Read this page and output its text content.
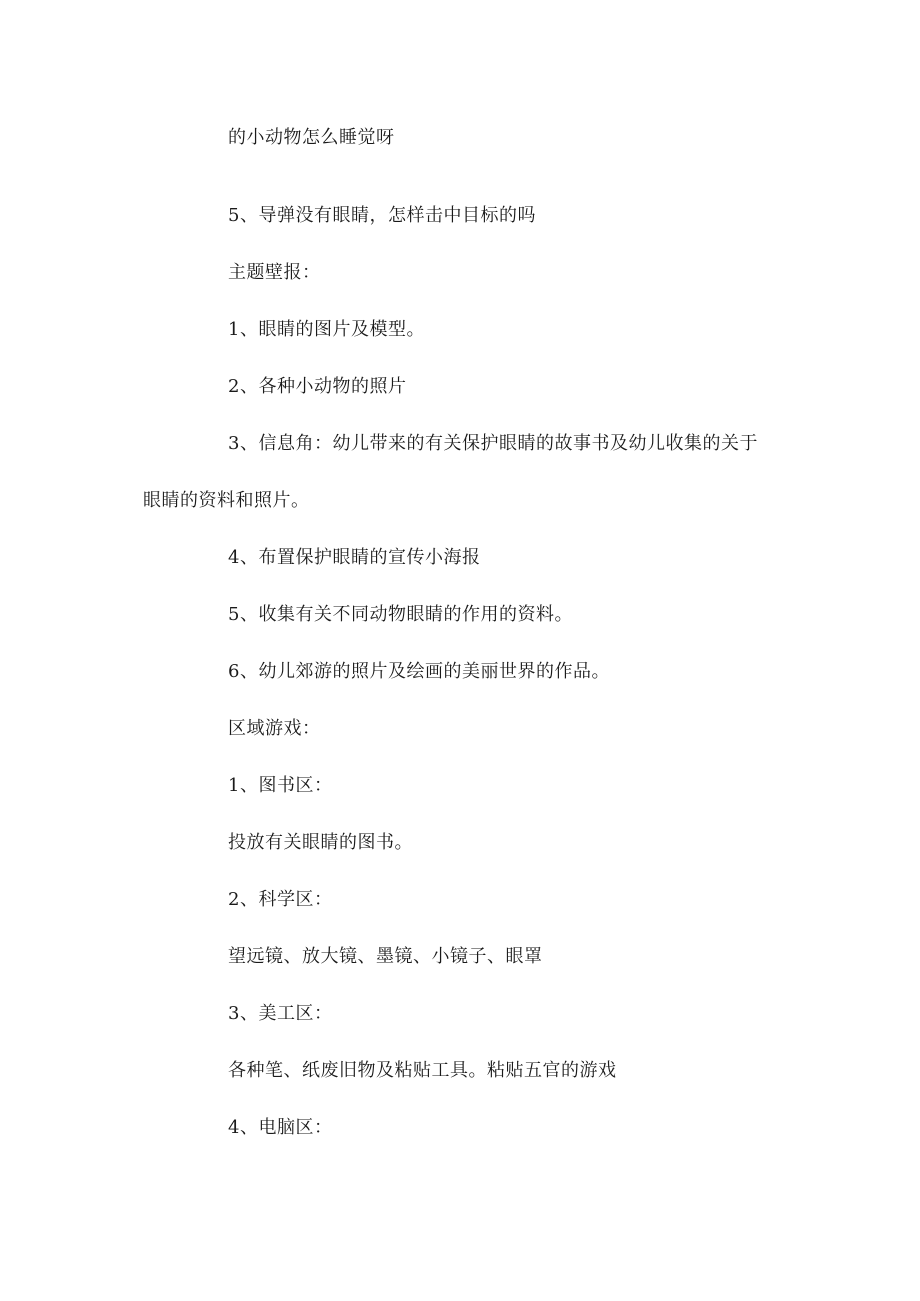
的小动物怎么睡觉呀
5、导弹没有眼睛，怎样击中目标的吗
主题壁报：
1、眼睛的图片及模型。
2、各种小动物的照片
3、信息角：幼儿带来的有关保护眼睛的故事书及幼儿收集的关于
眼睛的资料和照片。
4、布置保护眼睛的宣传小海报
5、收集有关不同动物眼睛的作用的资料。
6、幼儿郊游的照片及绘画的美丽世界的作品。
区域游戏：
1、图书区：
投放有关眼睛的图书。
2、科学区：
望远镜、放大镜、墨镜、小镜子、眼罩
3、美工区：
各种笔、纸废旧物及粘贴工具。粘贴五官的游戏
4、电脑区：
